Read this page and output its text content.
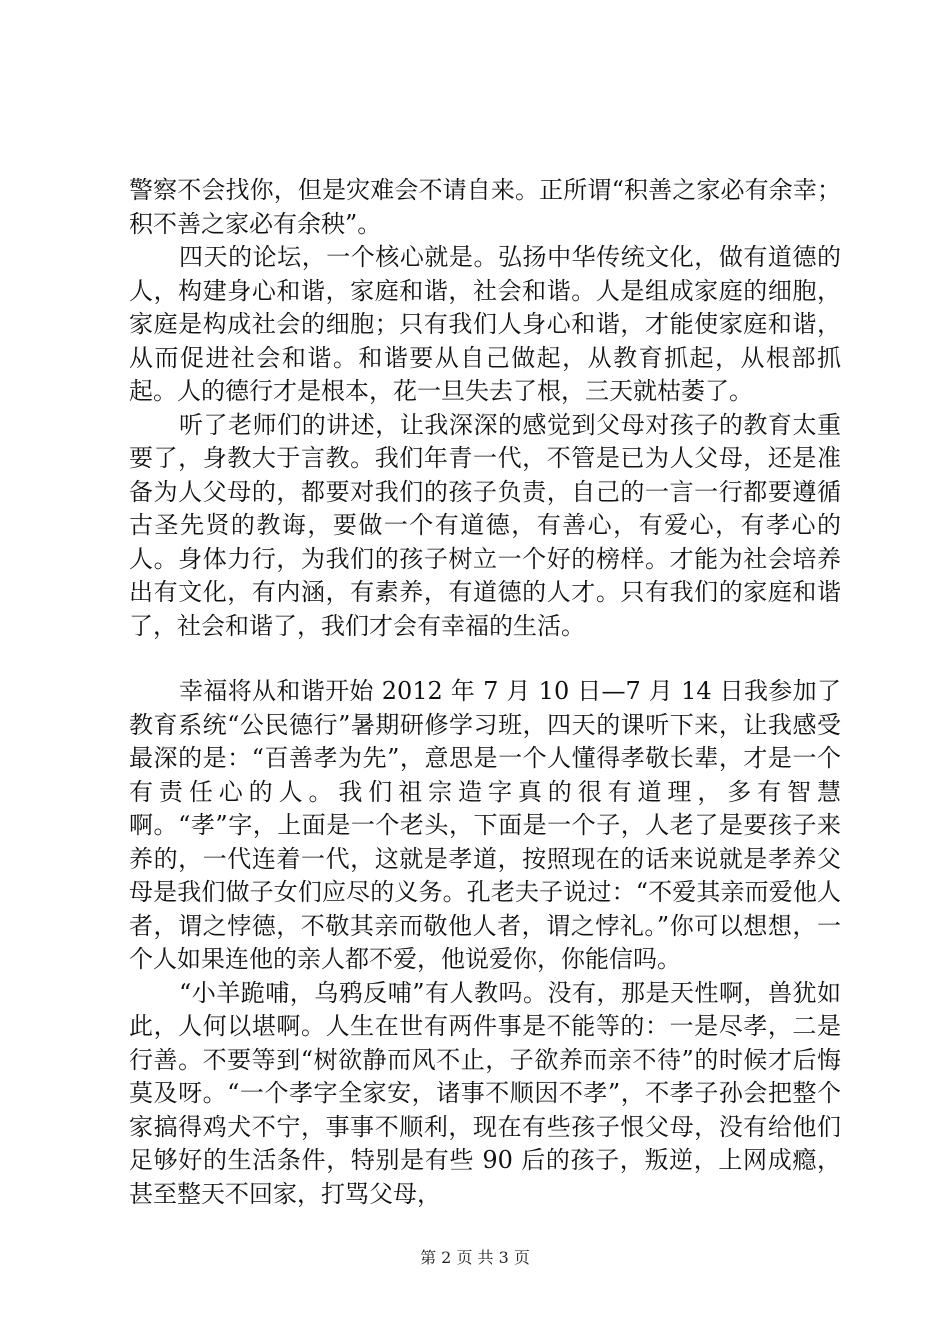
警察不会找你，但是灾难会不请自来。正所谓“积善之家必有余幸；积不善之家必有余秧”。

四天的论坛，一个核心就是。弘扬中华传统文化，做有道德的人，构建身心和谐，家庭和谐，社会和谐。人是组成家庭的细胞，家庭是构成社会的细胞；只有我们人身心和谐，才能使家庭和谐，从而促进社会和谐。和谐要从自己做起，从教育抓起，从根部抓起。人的德行才是根本，花一旦失去了根，三天就枯萎了。

听了老师们的讲述，让我深深的感觉到父母对孩子的教育太重要了，身教大于言教。我们年青一代，不管是已为人父母，还是准备为人父母的，都要对我们的孩子负责，自己的一言一行都要遵循古圣先贤的教诲，要做一个有道德，有善心，有爱心，有孝心的人。身体力行，为我们的孩子树立一个好的榜样。才能为社会培养出有文化，有内涵，有素养，有道德的人才。只有我们的家庭和谐了，社会和谐了，我们才会有幸福的生活。

幸福将从和谐开始 2012 年 7 月 10 日—7 月 14 日我参加了教育系统“公民德行”暑期研修学习班，四天的课听下来，让我感受最深的是：“百善孝为先”，意思是一个人懂得孝敬长辈，才是一个有责任心的人。我们祖宗造字真的很有道理，多有智慧啊。“孝”字，上面是一个老头，下面是一个子，人老了是要孩子来养的，一代连着一代，这就是孝道，按照现在的话来说就是孝养父母是我们做子女们应尽的义务。孔老夫子说过：“不爱其亲而爱他人者，谓之悖德，不敬其亲而敬他人者，谓之悖礼。”你可以想想，一个人如果连他的亲人都不爱，他说爱你，你能信吗。

“小羊跪哺，乌鸦反哺”有人教吗。没有，那是天性啊，兽犹如此，人何以堪啊。人生在世有两件事是不能等的：一是尽孝，二是行善。不要等到“树欲静而风不止，子欲养而亲不待”的时候才后悔莫及呀。“一个孝字全家安，诸事不顺因不孝”，不孝子孙会把整个家搞得鸡犬不宁，事事不顺利，现在有些孩子恨父母，没有给他们足够好的生活条件，特别是有些 90 后的孩子，叛逆，上网成瘾，甚至整天不回家，打骂父母，

第 2 页 共 3 页
